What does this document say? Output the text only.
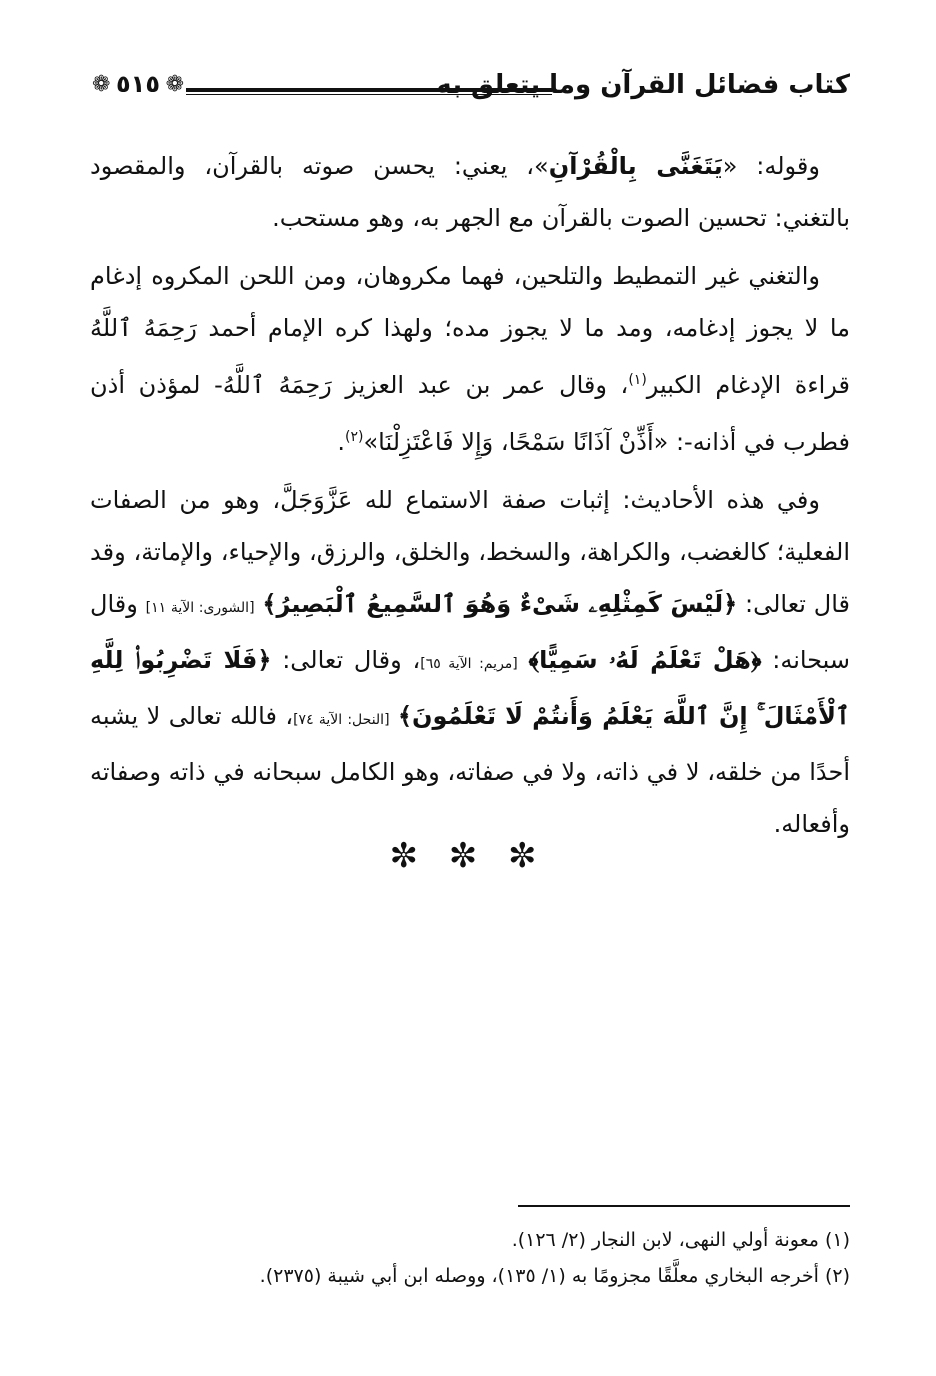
كتاب فضائل القرآن وما يتعلق به
❁ ٥١٥ ❁

وقوله: «يَتَغَنَّى بِالْقُرْآنِ»، يعني: يحسن صوته بالقرآن، والمقصود بالتغني: تحسين الصوت بالقرآن مع الجهر به، وهو مستحب.

والتغني غير التمطيط والتلحين، فهما مكروهان، ومن اللحن المكروه إدغام ما لا يجوز إدغامه، ومد ما لا يجوز مده؛ ولهذا كره الإمام أحمد رَحِمَهُ ٱللَّهُ قراءة الإدغام الكبير$^{(١)}$، وقال عمر بن عبد العزيز رَحِمَهُ ٱللَّهُ- لمؤذن أذن فطرب في أذانه-: «أَذِّنْ آذَانًا سَمْحًا، وَإِلا فَاعْتَزِلْنَا»$^{(٢)}$.

وفي هذه الأحاديث: إثبات صفة الاستماع لله عَزَّوَجَلَّ، وهو من الصفات الفعلية؛ كالغضب، والكراهة، والسخط، والخلق، والرزق، والإحياء، والإماتة، وقد قال تعالى: ﴿لَيْسَ كَمِثْلِهِۦ شَىْءٌ وَهُوَ ٱلسَّمِيعُ ٱلْبَصِيرُ﴾ [الشورى: الآية ١١] وقال سبحانه: ﴿هَلْ تَعْلَمُ لَهُۥ سَمِيًّا﴾ [مريم: الآية ٦٥]، وقال تعالى: ﴿فَلَا تَضْرِبُوا۟ لِلَّهِ ٱلْأَمْثَالَ ۚ إِنَّ ٱللَّهَ يَعْلَمُ وَأَنتُمْ لَا تَعْلَمُونَ﴾ [النحل: الآية ٧٤]، فالله تعالى لا يشبه أحدًا من خلقه، لا في ذاته، ولا في صفاته، وهو الكامل سبحانه في ذاته وصفاته وأفعاله.

✼ ✼ ✼
(١) معونة أولي النهى، لابن النجار (٢/ ١٢٦).
(٢) أخرجه البخاري معلَّقًا مجزومًا به (١/ ١٣٥)، ووصله ابن أبي شيبة (٢٣٧٥).
